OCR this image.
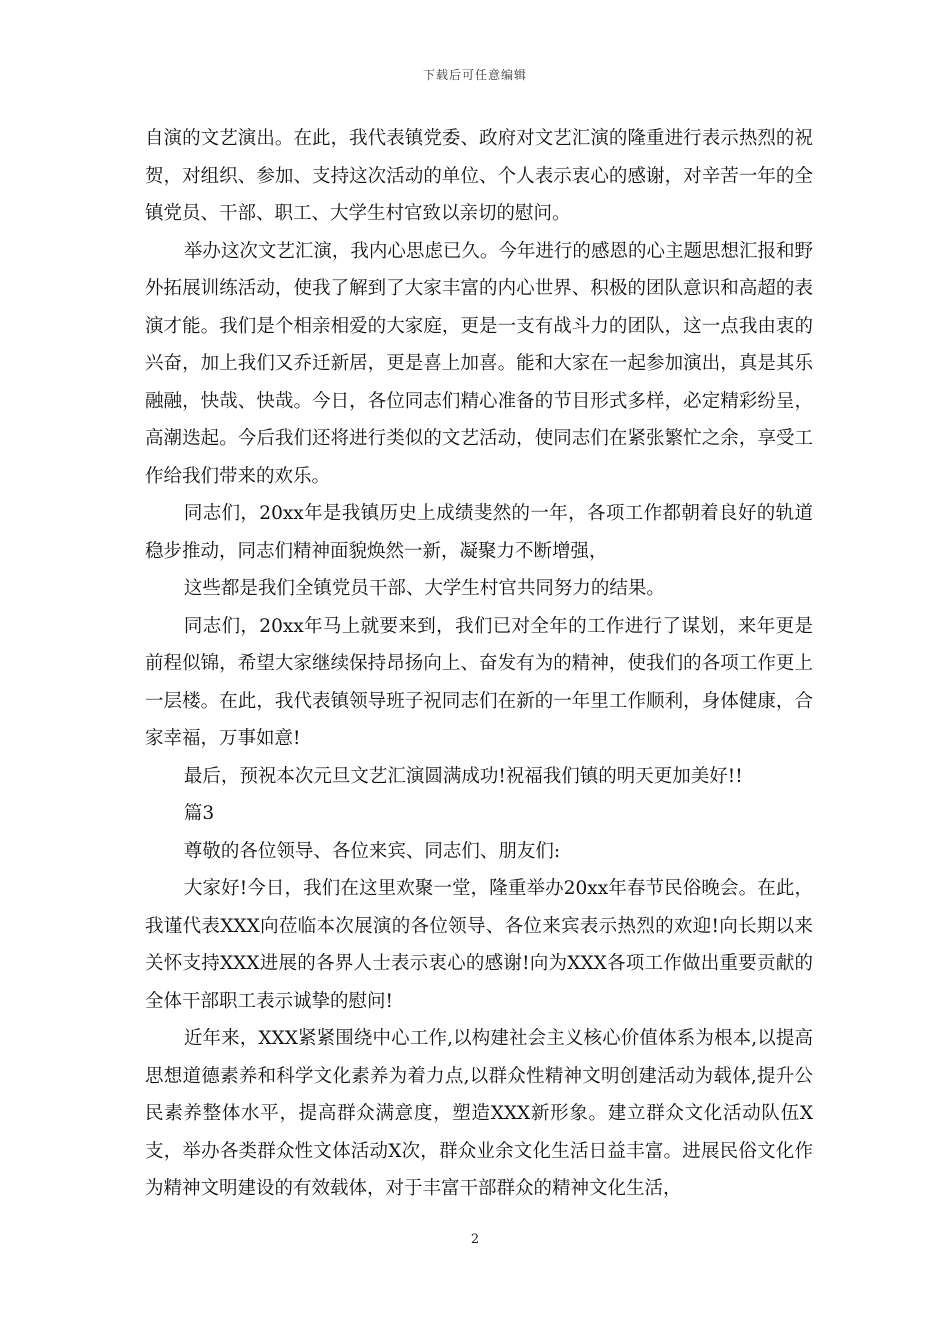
下载后可任意编辑

自演的文艺演出。在此，我代表镇党委、政府对文艺汇演的隆重进行表示热烈的祝贺，对组织、参加、支持这次活动的单位、个人表示衷心的感谢，对辛苦一年的全镇党员、干部、职工、大学生村官致以亲切的慰问。

举办这次文艺汇演，我内心思虑已久。今年进行的感恩的心主题思想汇报和野外拓展训练活动，使我了解到了大家丰富的内心世界、积极的团队意识和高超的表演才能。我们是个相亲相爱的大家庭，更是一支有战斗力的团队，这一点我由衷的兴奋，加上我们又乔迁新居，更是喜上加喜。能和大家在一起参加演出，真是其乐融融，快哉、快哉。今日，各位同志们精心准备的节目形式多样，必定精彩纷呈，高潮迭起。今后我们还将进行类似的文艺活动，使同志们在紧张繁忙之余，享受工作给我们带来的欢乐。

同志们，20xx年是我镇历史上成绩斐然的一年，各项工作都朝着良好的轨道稳步推动，同志们精神面貌焕然一新，凝聚力不断增强，

这些都是我们全镇党员干部、大学生村官共同努力的结果。

同志们，20xx年马上就要来到，我们已对全年的工作进行了谋划，来年更是前程似锦，希望大家继续保持昂扬向上、奋发有为的精神，使我们的各项工作更上一层楼。在此，我代表镇领导班子祝同志们在新的一年里工作顺利，身体健康，合家幸福，万事如意!

最后，预祝本次元旦文艺汇演圆满成功!祝福我们镇的明天更加美好!!

篇3

尊敬的各位领导、各位来宾、同志们、朋友们:

大家好!今日，我们在这里欢聚一堂，隆重举办20xx年春节民俗晚会。在此，我谨代表XXX向莅临本次展演的各位领导、各位来宾表示热烈的欢迎!向长期以来关怀支持XXX进展的各界人士表示衷心的感谢!向为XXX各项工作做出重要贡献的全体干部职工表示诚挚的慰问!

近年来，XXX紧紧围绕中心工作,以构建社会主义核心价值体系为根本,以提高思想道德素养和科学文化素养为着力点,以群众性精神文明创建活动为载体,提升公民素养整体水平，提高群众满意度，塑造XXX新形象。建立群众文化活动队伍X支，举办各类群众性文体活动X次，群众业余文化生活日益丰富。进展民俗文化作为精神文明建设的有效载体，对于丰富干部群众的精神文化生活，

2
